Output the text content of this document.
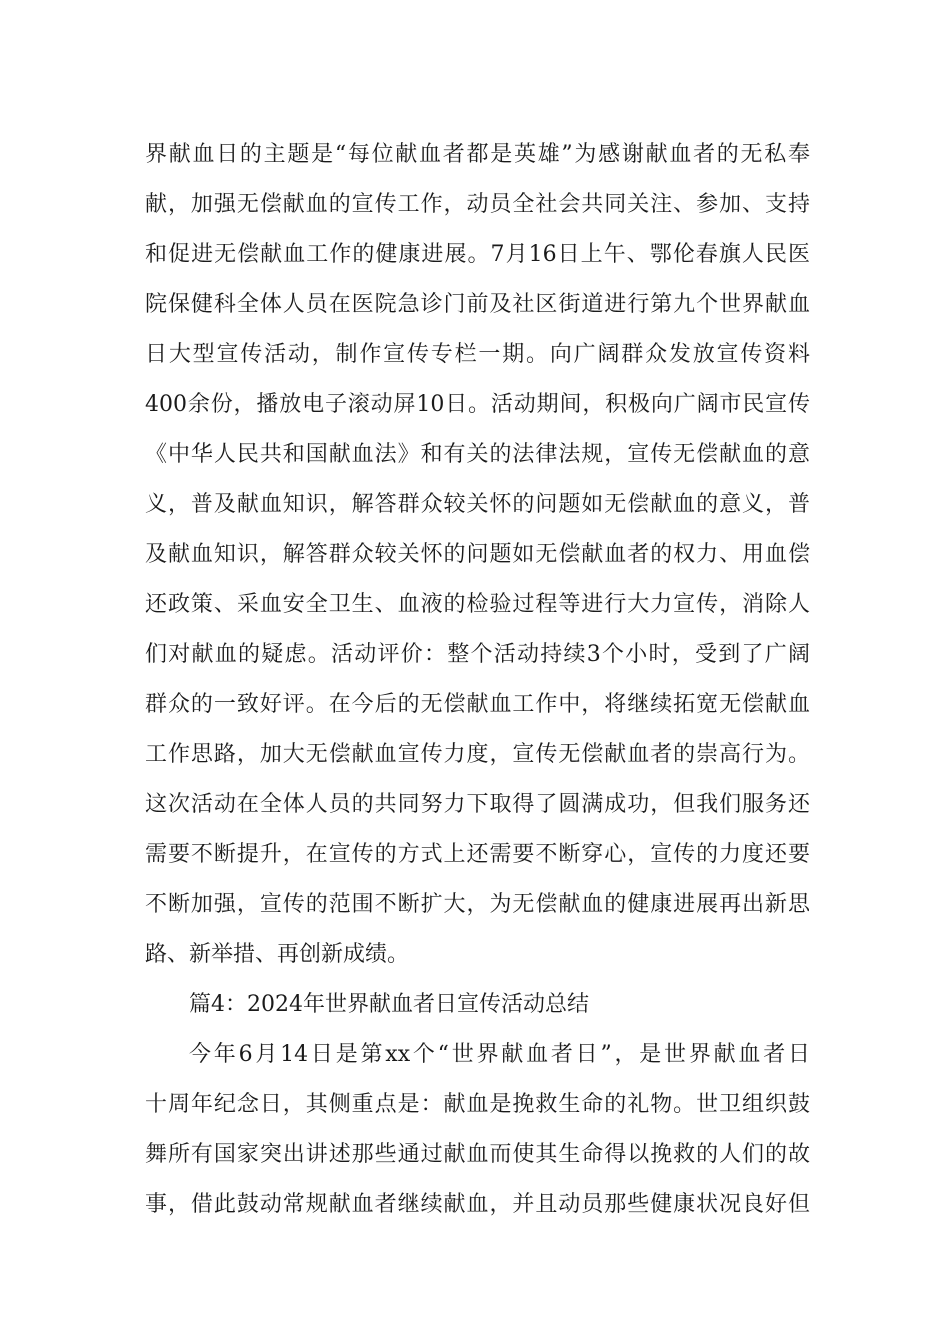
界献血日的主题是“每位献血者都是英雄”为感谢献血者的无私奉
献，加强无偿献血的宣传工作，动员全社会共同关注、参加、支持
和促进无偿献血工作的健康进展。7月16日上午、鄂伦春旗人民医
院保健科全体人员在医院急诊门前及社区街道进行第九个世界献血
日大型宣传活动，制作宣传专栏一期。向广阔群众发放宣传资料
400余份，播放电子滚动屏10日。活动期间，积极向广阔市民宣传
《中华人民共和国献血法》和有关的法律法规，宣传无偿献血的意
义，普及献血知识，解答群众较关怀的问题如无偿献血的意义，普
及献血知识，解答群众较关怀的问题如无偿献血者的权力、用血偿
还政策、采血安全卫生、血液的检验过程等进行大力宣传，消除人
们对献血的疑虑。活动评价：整个活动持续3个小时，受到了广阔
群众的一致好评。在今后的无偿献血工作中，将继续拓宽无偿献血
工作思路，加大无偿献血宣传力度，宣传无偿献血者的崇高行为。
这次活动在全体人员的共同努力下取得了圆满成功，但我们服务还
需要不断提升，在宣传的方式上还需要不断穿心，宣传的力度还要
不断加强，宣传的范围不断扩大，为无偿献血的健康进展再出新思
路、新举措、再创新成绩。
篇4：2024年世界献血者日宣传活动总结
今年6月14日是第xx个“世界献血者日”，是世界献血者日
十周年纪念日，其侧重点是：献血是挽救生命的礼物。世卫组织鼓
舞所有国家突出讲述那些通过献血而使其生命得以挽救的人们的故
事，借此鼓动常规献血者继续献血，并且动员那些健康状况良好但
